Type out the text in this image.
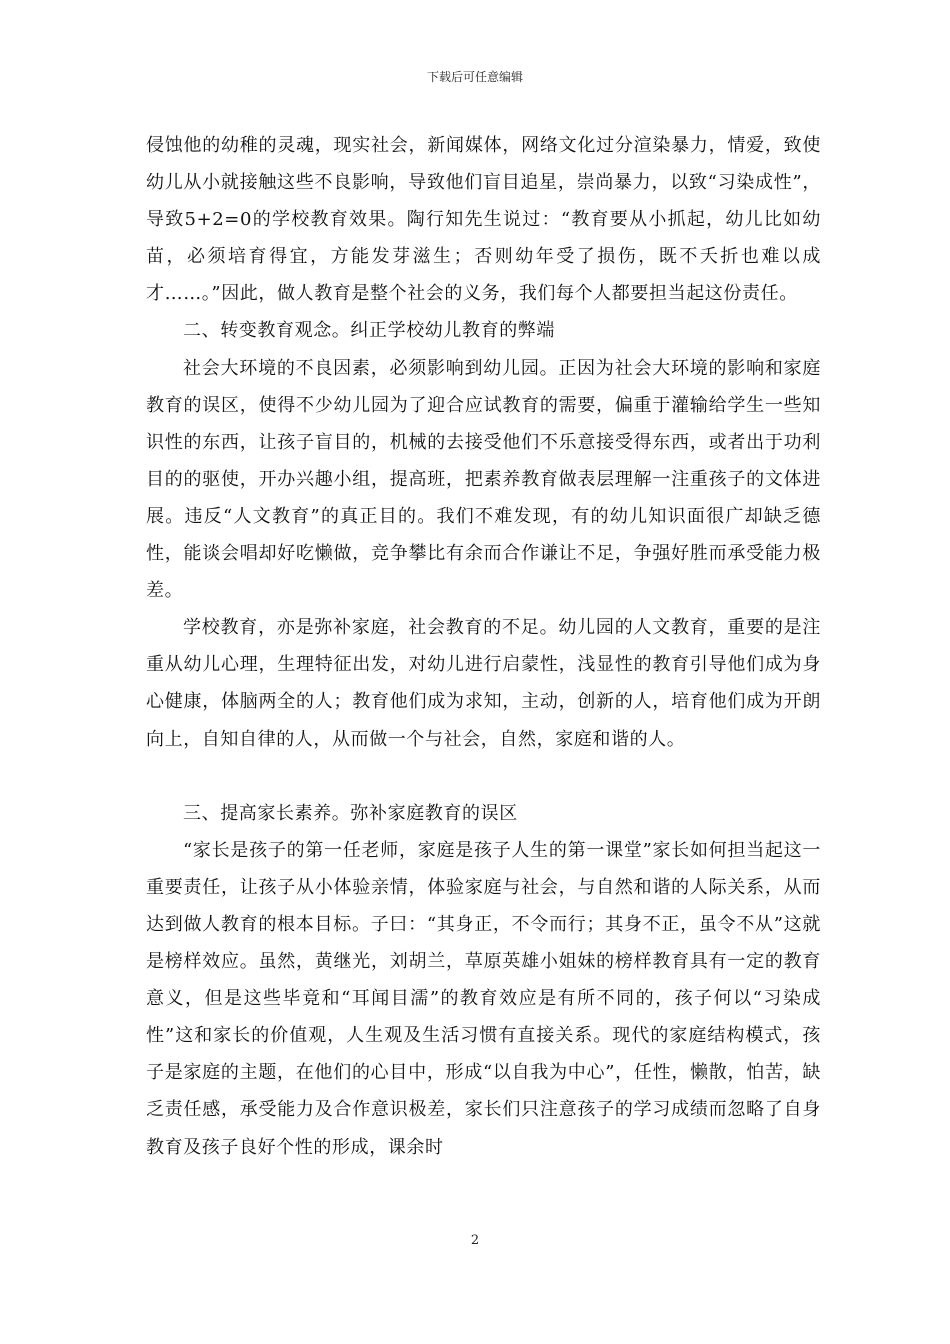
下载后可任意编辑

侵蚀他的幼稚的灵魂，现实社会，新闻媒体，网络文化过分渲染暴力，情爱，致使幼儿从小就接触这些不良影响，导致他们盲目追星，崇尚暴力，以致“习染成性”，导致5+2=0的学校教育效果。陶行知先生说过：“教育要从小抓起，幼儿比如幼苗，必须培育得宜，方能发芽滋生；否则幼年受了损伤，既不夭折也难以成才……。”因此，做人教育是整个社会的义务，我们每个人都要担当起这份责任。

二、转变教育观念。纠正学校幼儿教育的弊端

社会大环境的不良因素，必须影响到幼儿园。正因为社会大环境的影响和家庭教育的误区，使得不少幼儿园为了迎合应试教育的需要，偏重于灌输给学生一些知识性的东西，让孩子盲目的，机械的去接受他们不乐意接受得东西，或者出于功利目的的驱使，开办兴趣小组，提高班，把素养教育做表层理解一注重孩子的文体进展。违反“人文教育”的真正目的。我们不难发现，有的幼儿知识面很广却缺乏德性，能谈会唱却好吃懒做，竞争攀比有余而合作谦让不足，争强好胜而承受能力极差。

学校教育，亦是弥补家庭，社会教育的不足。幼儿园的人文教育，重要的是注重从幼儿心理，生理特征出发，对幼儿进行启蒙性，浅显性的教育引导他们成为身心健康，体脑两全的人；教育他们成为求知，主动，创新的人，培育他们成为开朗向上，自知自律的人，从而做一个与社会，自然，家庭和谐的人。

三、提高家长素养。弥补家庭教育的误区

“家长是孩子的第一任老师，家庭是孩子人生的第一课堂”家长如何担当起这一重要责任，让孩子从小体验亲情，体验家庭与社会，与自然和谐的人际关系，从而达到做人教育的根本目标。子曰：“其身正，不令而行；其身不正，虽令不从”这就是榜样效应。虽然，黄继光，刘胡兰，草原英雄小姐妹的榜样教育具有一定的教育意义，但是这些毕竟和“耳闻目濡”的教育效应是有所不同的，孩子何以“习染成性”这和家长的价值观，人生观及生活习惯有直接关系。现代的家庭结构模式，孩子是家庭的主题，在他们的心目中，形成“以自我为中心”，任性，懒散，怕苦，缺乏责任感，承受能力及合作意识极差，家长们只注意孩子的学习成绩而忽略了自身教育及孩子良好个性的形成，课余时

2
